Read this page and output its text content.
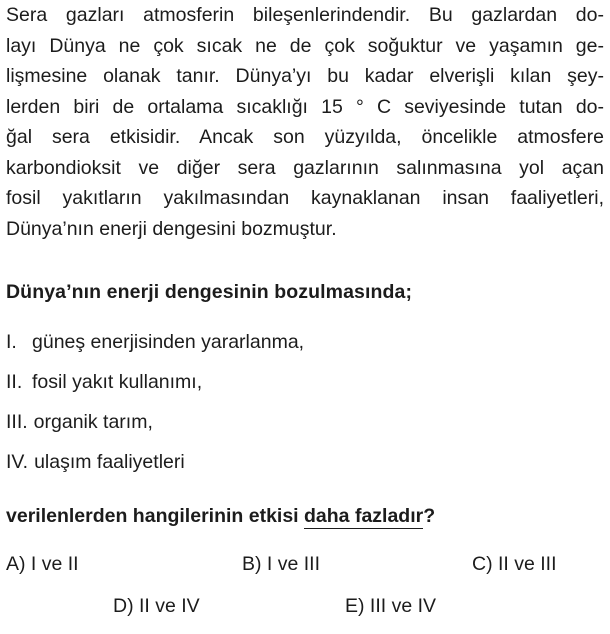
Sera gazları atmosferin bileşenlerindendir. Bu gazlardan do-
layı Dünya ne çok sıcak ne de çok soğuktur ve yaşamın ge-
lişmesine olanak tanır. Dünya’yı bu kadar elverişli kılan şey-
lerden biri de ortalama sıcaklığı 15 ° C seviyesinde tutan do-
ğal sera etkisidir. Ancak son yüzyılda, öncelikle atmosfere
karbondioksit ve diğer sera gazlarının salınmasına yol açan
fosil yakıtların yakılmasından kaynaklanan insan faaliyetleri,
Dünya’nın enerji dengesini bozmuştur.
Dünya’nın enerji dengesinin bozulmasında;
I. güneş enerjisinden yararlanma,
II. fosil yakıt kullanımı,
III. organik tarım,
IV. ulaşım faaliyetleri
verilenlerden hangilerinin etkisi daha fazladır?
A) I ve II	B) I ve III	C) II ve III
D) II ve IV	E) III ve IV
